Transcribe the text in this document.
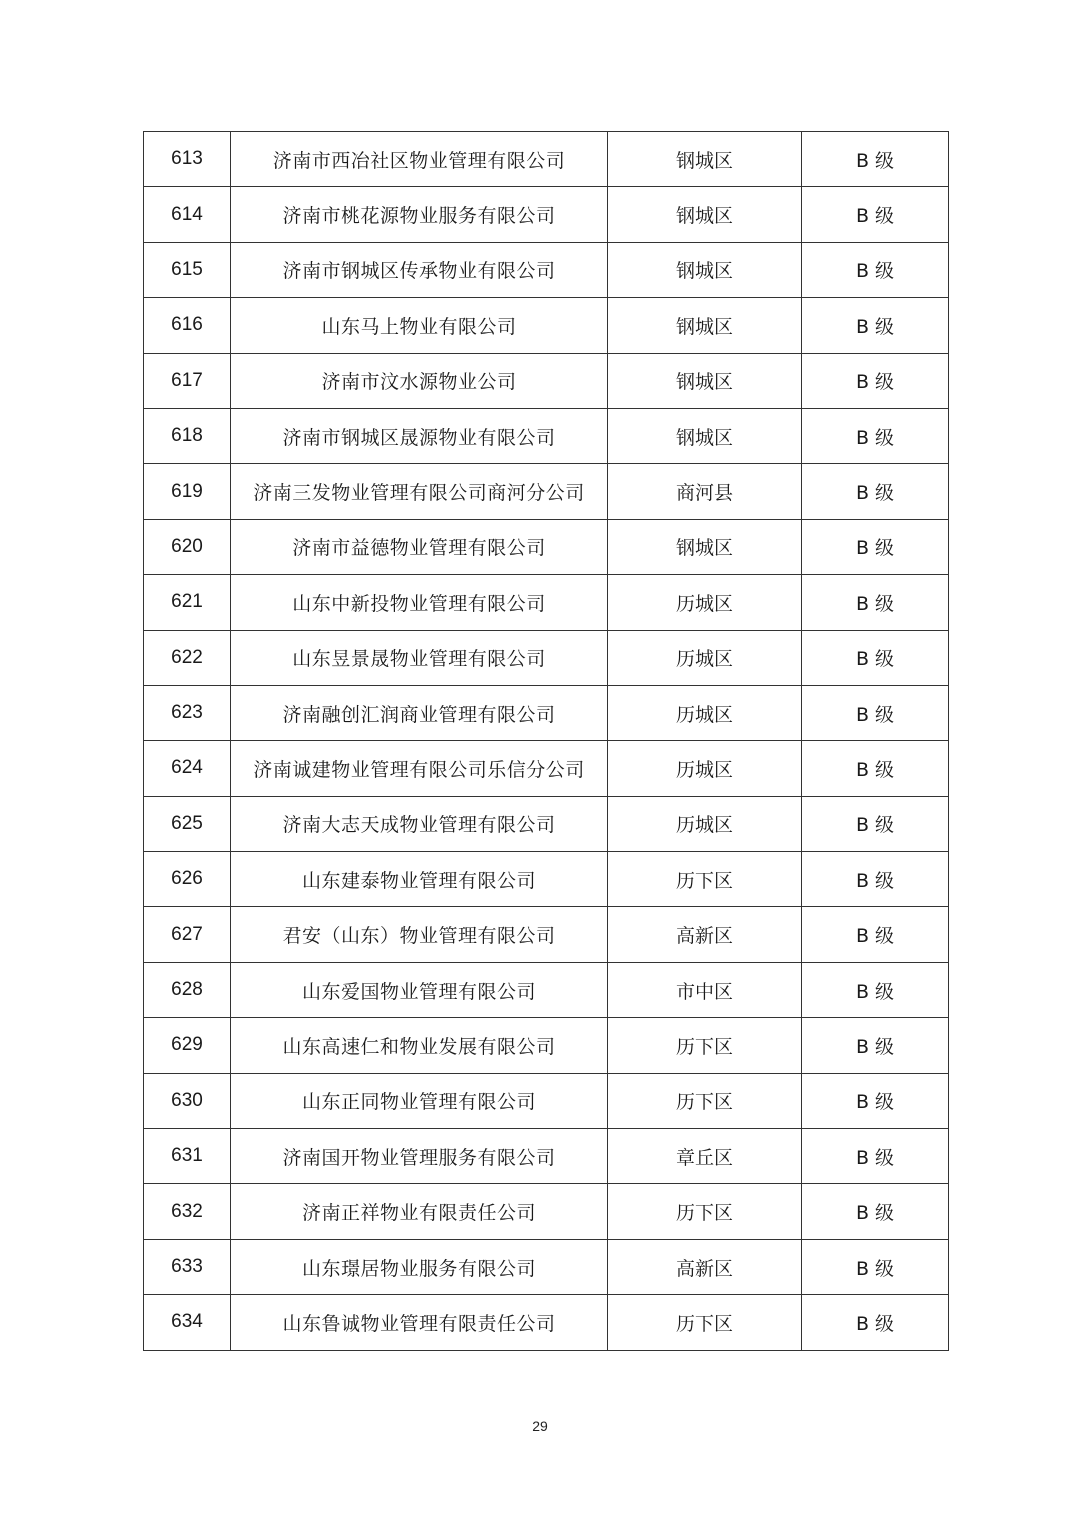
613	济南市西冶社区物业管理有限公司	钢城区	B 级
614	济南市桃花源物业服务有限公司	钢城区	B 级
615	济南市钢城区传承物业有限公司	钢城区	B 级
616	山东马上物业有限公司	钢城区	B 级
617	济南市汶水源物业公司	钢城区	B 级
618	济南市钢城区晟源物业有限公司	钢城区	B 级
619	济南三发物业管理有限公司商河分公司	商河县	B 级
620	济南市益德物业管理有限公司	钢城区	B 级
621	山东中新投物业管理有限公司	历城区	B 级
622	山东昱景晟物业管理有限公司	历城区	B 级
623	济南融创汇润商业管理有限公司	历城区	B 级
624	济南诚建物业管理有限公司乐信分公司	历城区	B 级
625	济南大志天成物业管理有限公司	历城区	B 级
626	山东建泰物业管理有限公司	历下区	B 级
627	君安（山东）物业管理有限公司	高新区	B 级
628	山东爱国物业管理有限公司	市中区	B 级
629	山东高速仁和物业发展有限公司	历下区	B 级
630	山东正同物业管理有限公司	历下区	B 级
631	济南国开物业管理服务有限公司	章丘区	B 级
632	济南正祥物业有限责任公司	历下区	B 级
633	山东璟居物业服务有限公司	高新区	B 级
634	山东鲁诚物业管理有限责任公司	历下区	B 级
29
